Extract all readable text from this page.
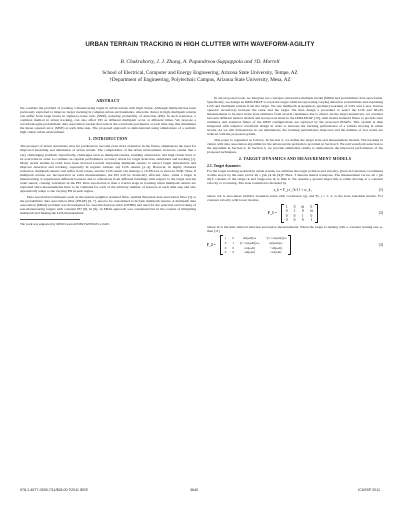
URBAN TERRAIN TRACKING IN HIGH CLUTTER WITH WAVEFORM-AGILITY
B. Chakraborty, J. J. Zhang, A. Papandreou-Suppappola and †D. Morrell
School of Electrical, Computer and Energy Engineering, Arizona State University, Tempe, AZ
†Department of Engineering, Polytechnic Campus, Arizona State University, Mesa, AZ
ABSTRACT

We consider the problem of tracking a maneuvering target in urban terrain with high clutter. Although multipath has been previously exploited to improve target tracking in complex urban environments, when the clutter is high, multipath returns can suffer from large losses in signal-to-noise ratio (SNR), reducing probability of detection (PD). In such scenarios, a common method in urban tracking, can also affect PD as different multipath occur at different times. We propose a waveform-agile probabilistic data association tracker that selects the waveform parameters at each time step that minimizes the mean squared error (MSE) at each time step. The proposed approach is demonstrated using simulations of a realistic high clutter urban environment.

1. INTRODUCTION

The prospect of urban operations, that are predicted to become even more extensive in the future, emphasizes the need for improved modeling and simulation of urban terrain. The complexities of the urban environment, however, render that a very challenging problem. Specifically, challenges such as multipath returns, building obstruction, and high clutter have to be overcome in order to continue on capable performance accuracy levels for target detection, estimation and tracking [1]. Many recent studies in radar have been devoted towards exploiting multipath returns to extract target information and improve detection and tracking, especially in regions without any LOS returns [2–4]. However, in highly cluttered scenarios, multipath returns will suffer from losses, and the LOS return can undergo a 10 dB loss or more in SNR. Thus, if multipath returns are incorporated as valid measurements, the PD will be drastically affected. Also, when a target is maneuvering, it experiences different bounces due to reflections from different buildings with respect to the target and the radar sensor, causing variations in the PD. Data association is thus a crucial stage in tracking when multipath returns are exploited since measurements have to be validated for each of the arbitrary number of bounces at each time step and also dynamically adapt to the varying PD in such region.

Data association techniques such as the nearest neighbor standard filter, optimal Bayesian data association filter [5] or the probabilistic data association filter (PDAF) [6, 7], need to be customized to include multipath returns. A multipath data association (MDA) problem was investigated for over-the-horizon-radar (OTHR) and used for the selection and tracking of non-maneuvering targets with constant PD [8]. In [9], an MDA approach was considered but in the context of mitigating multipath and finding the LOS measurement.

The work was supported by MURI Grant AFOSR FA9550-05-1-0443.

In our proposed work, we integrate two concepts, interactive multiple model (IMM) and probabilistic data association. Specifically, we design an IMM-PDAF to track the target while incorporating varying detection probabilities and exploiting LOS and multipath returns from the target. We use multipath propagation, geometry-learning of LOS and a new bounce operator recursively between the radar and the target. We then design a procedure to select the LOS and NLOS measurements to be used in the state estimator from several candidates due to clutter. As the target maneuvers, we consider between different motion models and incorporate them in the IMM-PDAF [10], with model standard filters to provide state estimates and standard filters of the IMM configurations are replaced by the proposed PDAFs. This system is then integrated with adaptive waveform design in order to increase the tracking performance of a vehicle moving in urban terrain. As we will demonstrate in our simulations, the tracking performance improves and the number of lost tracks are reduced with the proposed system.

This paper is organized as follows. In Section 2, we define the target state and measurement models. The tracking in clutter with data association algorithm for the urban terrain problem is provided in Section 3. We add waveform selection to the algorithm in Section 4. In Section 5, we provide simulation results to demonstrate the improved performance of the proposed techniques.

2. TARGET DYNAMICS AND MEASUREMENT MODELS
2.1. Target dynamics

For the target tracking problem in urban terrain, we estimate the target position and velocity, given in Cartesian coordinates at time step k by the state vector xk = [xk yk ẋk ẏk]T. Here, T denotes matrix transpose. The measurement vector, zk = [rk rk̇]T, consists of the range rk and range-rate ṙk at time k. We assume a ground target that is either moving at a constant velocity or is turning. The state transition is modeled by

x_k = F_j x_{k-1} + w_k ,	(1)

where wk is zero-mean additive Gaussian noise with covariance Qj, and Fj, j = 1, 2, is the state transition matrix. For constant velocity with lower motion,

F_1 =
1 0 δt 0
0 1 0 δt
0 0 1 0
0 0 0 1
(2)

where δt is the time interval between successive measurements. When the target is turning with a constant turning rate ω, then [11]

F_2 =
1 0	sin(ωδt)/ω	−(1−cos(ωδt))/ω
0 1 (1−cos(ωδt))/ω	sin(ωδt)/ω
0 0	cos(ωδt)	−sin(ωδt)
0 0	sin(ωδt)	cos(ωδt)
(3)
978-1-4577-0539-7/11/$26.00 ©2011 IEEE	3640	ICASSP 2011
